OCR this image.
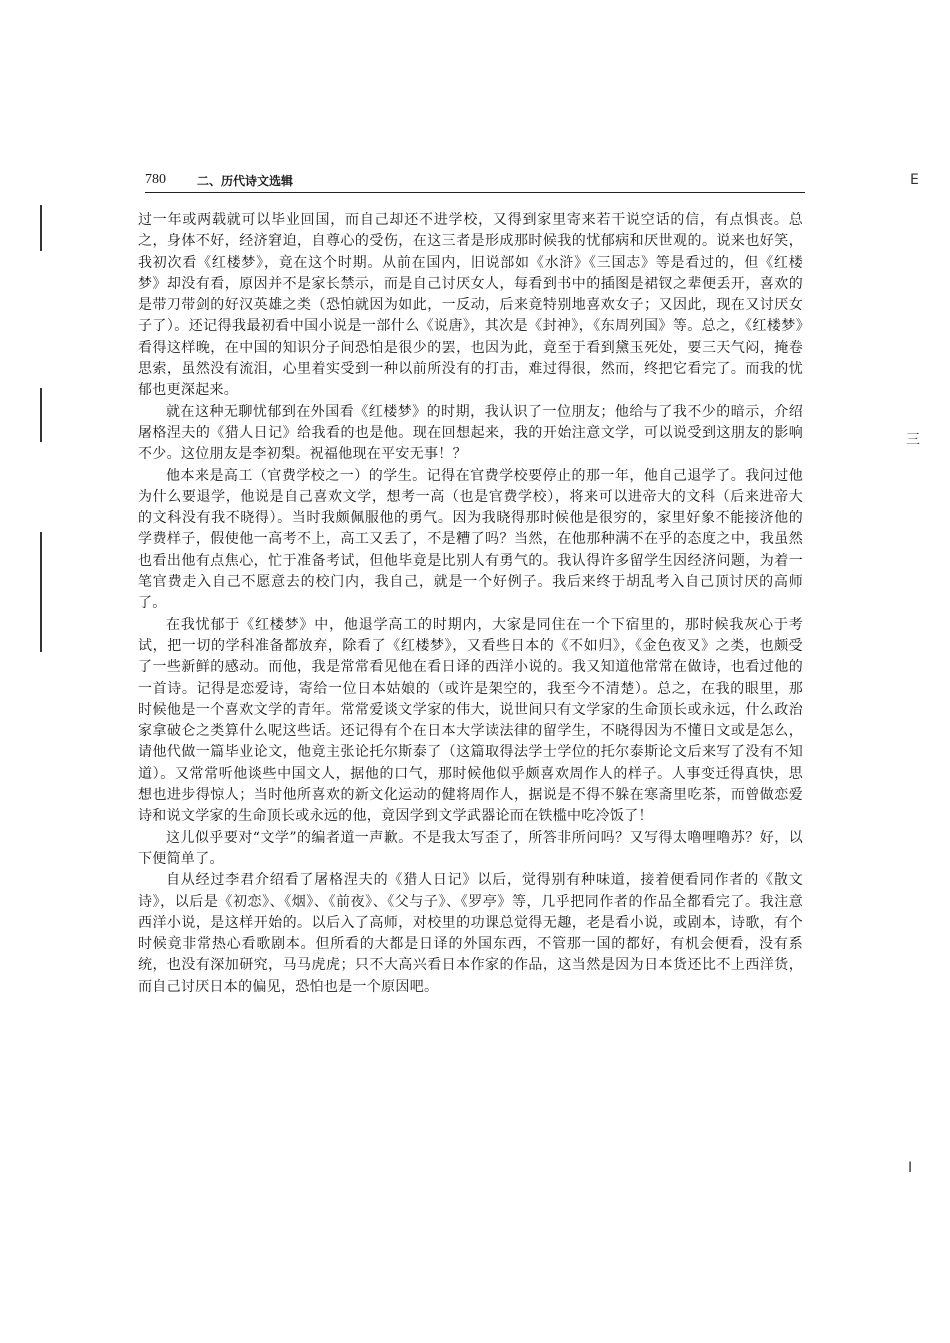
780	二、历代诗文选辑

过一年或两载就可以毕业回国，而自己却还不进学校，又得到家里寄来若干说空话的信，有点惧丧。总之，身体不好，经济窘迫，自尊心的受伤，在这三者是形成那时候我的忧郁病和厌世观的。说来也好笑，我初次看《红楼梦》，竟在这个时期。从前在国内，旧说部如《水浒》《三国志》等是看过的，但《红楼梦》却没有看，原因并不是家长禁示，而是自己讨厌女人，每看到书中的插图是裙钗之辈便丢开，喜欢的是带刀带剑的好汉英雄之类（恐怕就因为如此，一反动，后来竟特别地喜欢女子；又因此，现在又讨厌女子了）。还记得我最初看中国小说是一部什么《说唐》，其次是《封神》，《东周列国》等。总之，《红楼梦》看得这样晚，在中国的知识分子间恐怕是很少的罢，也因为此，竟至于看到黛玉死处，要三天气闷，掩卷思索，虽然没有流泪，心里着实受到一种以前所没有的打击，难过得很，然而，终把它看完了。而我的忧郁也更深起来。

就在这种无聊忧郁到在外国看《红楼梦》的时期，我认识了一位朋友；他给与了我不少的暗示，介绍屠格涅夫的《猎人日记》给我看的也是他。现在回想起来，我的开始注意文学，可以说受到这朋友的影响不少。这位朋友是李初梨。祝福他现在平安无事！？

他本来是高工（官费学校之一）的学生。记得在官费学校要停止的那一年，他自己退学了。我问过他为什么要退学，他说是自己喜欢文学，想考一高（也是官费学校），将来可以进帝大的文科（后来进帝大的文科没有我不晓得）。当时我颇佩服他的勇气。因为我晓得那时候他是很穷的，家里好象不能接济他的学费样子，假使他一高考不上，高工又丢了，不是糟了吗？当然，在他那种满不在乎的态度之中，我虽然也看出他有点焦心，忙于准备考试，但他毕竟是比别人有勇气的。我认得许多留学生因经济问题，为着一笔官费走入自己不愿意去的校门内，我自己，就是一个好例子。我后来终于胡乱考入自己顶讨厌的高师了。

在我忧郁于《红楼梦》中，他退学高工的时期内，大家是同住在一个下宿里的，那时候我灰心于考试，把一切的学科准备都放弃，除看了《红楼梦》，又看些日本的《不如归》，《金色夜叉》之类，也颇受了一些新鲜的感动。而他，我是常常看见他在看日译的西洋小说的。我又知道他常常在做诗，也看过他的一首诗。记得是恋爱诗，寄给一位日本姑娘的（或许是架空的，我至今不清楚）。总之，在我的眼里，那时候他是一个喜欢文学的青年。常常爱谈文学家的伟大，说世间只有文学家的生命顶长或永远，什么政治家拿破仑之类算什么呢这些话。还记得有个在日本大学读法律的留学生，不晓得因为不懂日文或是怎么，请他代做一篇毕业论文，他竟主张论托尔斯泰了（这篇取得法学士学位的托尔泰斯论文后来写了没有不知道）。又常常听他谈些中国文人，据他的口气，那时候他似乎颇喜欢周作人的样子。人事变迁得真快，思想也进步得惊人；当时他所喜欢的新文化运动的健将周作人，据说是不得不躲在寒斋里吃茶，而曾做恋爱诗和说文学家的生命顶长或永远的他，竟因学到文学武器论而在铁槛中吃冷饭了！

这儿似乎要对“文学”的编者道一声歉。不是我太写歪了，所答非所问吗？又写得太噜哩噜苏？好，以下便简单了。

自从经过李君介绍看了屠格涅夫的《猎人日记》以后，觉得别有种味道，接着便看同作者的《散文诗》，以后是《初恋》、《烟》、《前夜》、《父与子》、《罗亭》等，几乎把同作者的作品全都看完了。我注意西洋小说，是这样开始的。以后入了高师，对校里的功课总觉得无趣，老是看小说，或剧本，诗歌，有个时候竟非常热心看歌剧本。但所看的大都是日译的外国东西，不管那一国的都好，有机会便看，没有系统，也没有深加研究，马马虎虎；只不大高兴看日本作家的作品，这当然是因为日本货还比不上西洋货，而自己讨厌日本的偏见，恐怕也是一个原因吧。

E
三
I
